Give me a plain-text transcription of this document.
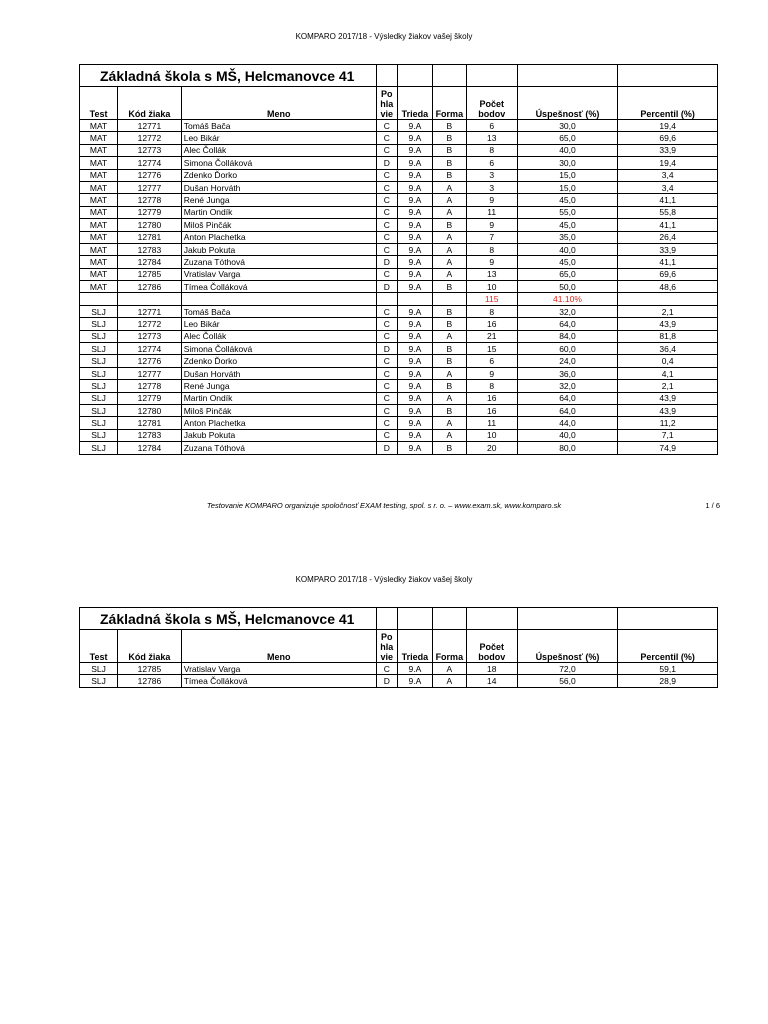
KOMPARO 2017/18 - Výsledky žiakov vašej školy
Základná škola s MŠ, Helcmanovce 41								
Test	Kód žiaka	Meno	Po
hla
vie	Trieda	Forma	Počet
bodov	Úspešnosť (%)	Percentil (%)
MAT	12771	Tomáš Bača	C	9.A	B	6	30,0	19,4
MAT	12772	Leo Bikár	C	9.A	B	13	65,0	69,6
MAT	12773	Alec Čollák	C	9.A	B	8	40,0	33,9
MAT	12774	Simona Čolláková	D	9.A	B	6	30,0	19,4
MAT	12776	Zdenko Ďorko	C	9.A	B	3	15,0	3,4
MAT	12777	Dušan Horváth	C	9.A	A	3	15,0	3,4
MAT	12778	René Junga	C	9.A	A	9	45,0	41,1
MAT	12779	Martin Ondík	C	9.A	A	11	55,0	55,8
MAT	12780	Miloš Pinčák	C	9.A	B	9	45,0	41,1
MAT	12781	Anton Plachetka	C	9.A	A	7	35,0	26,4
MAT	12783	Jakub Pokuta	C	9.A	A	8	40,0	33,9
MAT	12784	Zuzana Tóthová	D	9.A	A	9	45,0	41,1
MAT	12785	Vratislav Varga	C	9.A	A	13	65,0	69,6
MAT	12786	Tímea Čolláková	D	9.A	B	10	50,0	48,6
						115	41.10%	
SLJ	12771	Tomáš Bača	C	9.A	B	8	32,0	2,1
SLJ	12772	Leo Bikár	C	9.A	B	16	64,0	43,9
SLJ	12773	Alec Čollák	C	9.A	A	21	84,0	81,8
SLJ	12774	Simona Čolláková	D	9.A	B	15	60,0	36,4
SLJ	12776	Zdenko Ďorko	C	9.A	B	6	24,0	0,4
SLJ	12777	Dušan Horváth	C	9.A	A	9	36,0	4,1
SLJ	12778	René Junga	C	9.A	B	8	32,0	2,1
SLJ	12779	Martin Ondík	C	9.A	A	16	64,0	43,9
SLJ	12780	Miloš Pinčák	C	9.A	B	16	64,0	43,9
SLJ	12781	Anton Plachetka	C	9.A	A	11	44,0	11,2
SLJ	12783	Jakub Pokuta	C	9.A	A	10	40,0	7,1
SLJ	12784	Zuzana Tóthová	D	9.A	B	20	80,0	74,9
Testovanie KOMPARO organizuje spoločnosť EXAM testing, spol. s r. o. – www.exam.sk, www.komparo.sk	1 / 6
KOMPARO 2017/18 - Výsledky žiakov vašej školy
Základná škola s MŠ, Helcmanovce 41								
Test	Kód žiaka	Meno	Po
hla
vie	Trieda	Forma	Počet
bodov	Úspešnosť (%)	Percentil (%)
SLJ	12785	Vratislav Varga	C	9.A	A	18	72,0	59,1
SLJ	12786	Tímea Čolláková	D	9.A	A	14	56,0	28,9
